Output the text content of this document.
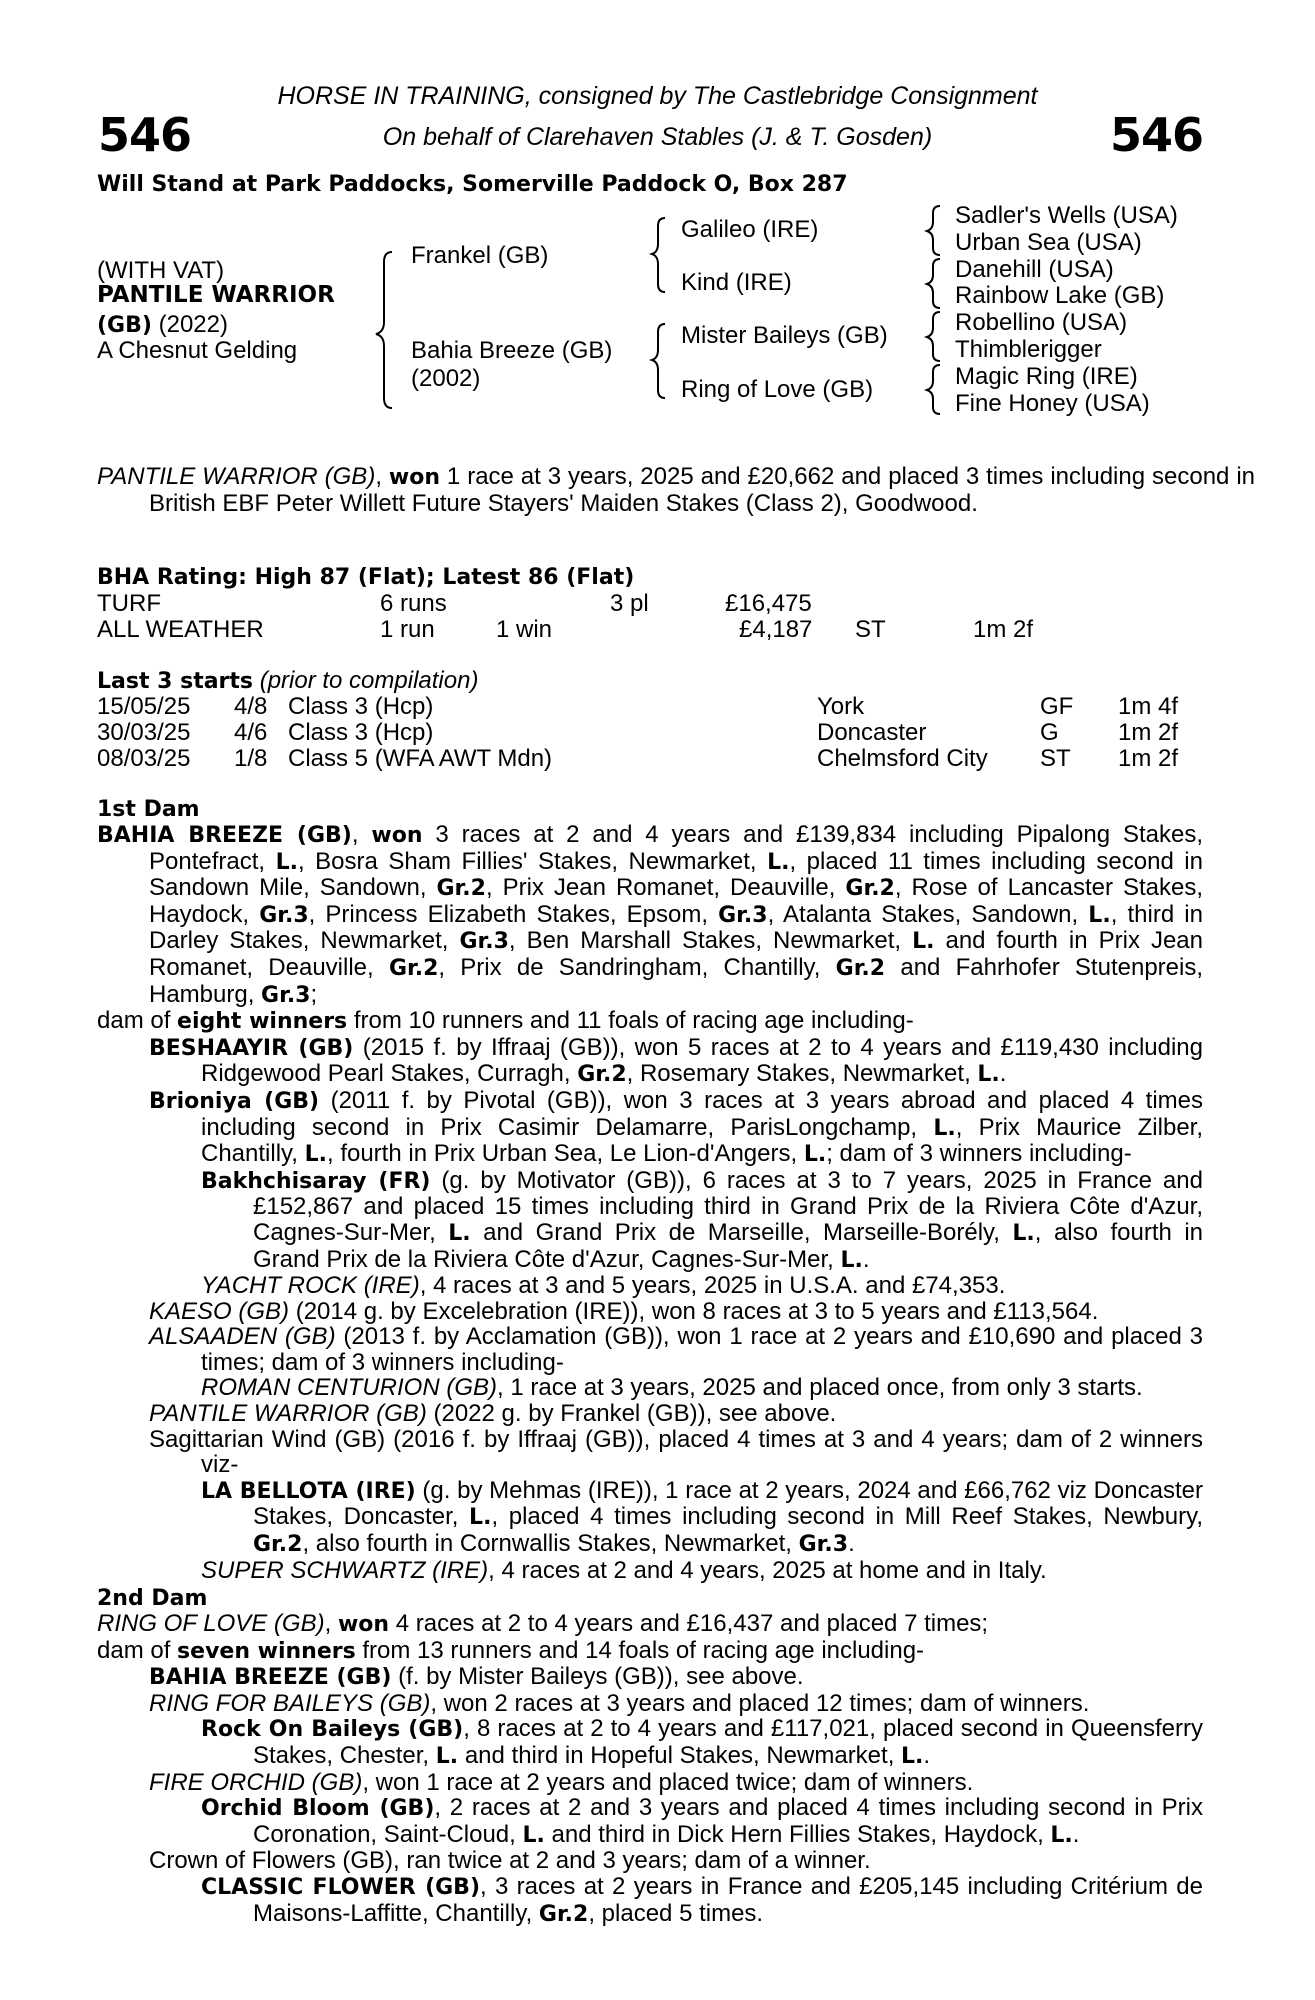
546	546
HORSE IN TRAINING, consigned by The Castlebridge Consignment
On behalf of Clarehaven Stables (J. & T. Gosden)
Will Stand at Park Paddocks, Somerville Paddock O, Box 287
(WITH VAT)
PANTILE WARRIOR
(GB) (2022)
A Chesnut Gelding
Frankel (GB)
Bahia Breeze (GB)
(2002)
Galileo (IRE)
Kind (IRE)
Mister Baileys (GB)
Ring of Love (GB)
Sadler's Wells (USA)
Urban Sea (USA)
Danehill (USA)
Rainbow Lake (GB)
Robellino (USA)
Thimblerigger
Magic Ring (IRE)
Fine Honey (USA)

PANTILE WARRIOR (GB), won 1 race at 3 years, 2025 and £20,662 and placed 3 times including second in British EBF Peter Willett Future Stayers' Maiden Stakes (Class 2), Goodwood.

BHA Rating: High 87 (Flat); Latest 86 (Flat)
TURF	6 runs	3 pl	£16,475
ALL WEATHER	1 run	1 win	£4,187 ST	1m 2f
Last 3 starts (prior to compilation)
15/05/25 4/8 Class 3 (Hcp)	York	GF 1m 4f
30/03/25 4/6 Class 3 (Hcp)	Doncaster	G 1m 2f
08/03/25 1/8 Class 5 (WFA AWT Mdn)	Chelmsford City ST 1m 2f
1st Dam

BAHIA BREEZE (GB), won 3 races at 2 and 4 years and £139,834 including Pipalong Stakes, Pontefract, L., Bosra Sham Fillies' Stakes, Newmarket, L., placed 11 times including second in Sandown Mile, Sandown, Gr.2, Prix Jean Romanet, Deauville, Gr.2, Rose of Lancaster Stakes, Haydock, Gr.3, Princess Elizabeth Stakes, Epsom, Gr.3, Atalanta Stakes, Sandown, L., third in Darley Stakes, Newmarket, Gr.3, Ben Marshall Stakes, Newmarket, L. and fourth in Prix Jean Romanet, Deauville, Gr.2, Prix de Sandringham, Chantilly, Gr.2 and Fahrhofer Stutenpreis, Hamburg, Gr.3;

dam of eight winners from 10 runners and 11 foals of racing age including-

BESHAAYIR (GB) (2015 f. by Iffraaj (GB)), won 5 races at 2 to 4 years and £119,430 including Ridgewood Pearl Stakes, Curragh, Gr.2, Rosemary Stakes, Newmarket, L..

Brioniya (GB) (2011 f. by Pivotal (GB)), won 3 races at 3 years abroad and placed 4 times including second in Prix Casimir Delamarre, ParisLongchamp, L., Prix Maurice Zilber, Chantilly, L., fourth in Prix Urban Sea, Le Lion-d'Angers, L.; dam of 3 winners including-

Bakhchisaray (FR) (g. by Motivator (GB)), 6 races at 3 to 7 years, 2025 in France and £152,867 and placed 15 times including third in Grand Prix de la Riviera Côte d'Azur, Cagnes-Sur-Mer, L. and Grand Prix de Marseille, Marseille-Borély, L., also fourth in Grand Prix de la Riviera Côte d'Azur, Cagnes-Sur-Mer, L..

YACHT ROCK (IRE), 4 races at 3 and 5 years, 2025 in U.S.A. and £74,353.

KAESO (GB) (2014 g. by Excelebration (IRE)), won 8 races at 3 to 5 years and £113,564.

ALSAADEN (GB) (2013 f. by Acclamation (GB)), won 1 race at 2 years and £10,690 and placed 3 times; dam of 3 winners including-

ROMAN CENTURION (GB), 1 race at 3 years, 2025 and placed once, from only 3 starts.

PANTILE WARRIOR (GB) (2022 g. by Frankel (GB)), see above.

Sagittarian Wind (GB) (2016 f. by Iffraaj (GB)), placed 4 times at 3 and 4 years; dam of 2 winners viz-

LA BELLOTA (IRE) (g. by Mehmas (IRE)), 1 race at 2 years, 2024 and £66,762 viz Doncaster Stakes, Doncaster, L., placed 4 times including second in Mill Reef Stakes, Newbury, Gr.2, also fourth in Cornwallis Stakes, Newmarket, Gr.3.

SUPER SCHWARTZ (IRE), 4 races at 2 and 4 years, 2025 at home and in Italy.

2nd Dam

RING OF LOVE (GB), won 4 races at 2 to 4 years and £16,437 and placed 7 times;

dam of seven winners from 13 runners and 14 foals of racing age including-

BAHIA BREEZE (GB) (f. by Mister Baileys (GB)), see above.

RING FOR BAILEYS (GB), won 2 races at 3 years and placed 12 times; dam of winners.

Rock On Baileys (GB), 8 races at 2 to 4 years and £117,021, placed second in Queensferry Stakes, Chester, L. and third in Hopeful Stakes, Newmarket, L..

FIRE ORCHID (GB), won 1 race at 2 years and placed twice; dam of winners.

Orchid Bloom (GB), 2 races at 2 and 3 years and placed 4 times including second in Prix Coronation, Saint-Cloud, L. and third in Dick Hern Fillies Stakes, Haydock, L..

Crown of Flowers (GB), ran twice at 2 and 3 years; dam of a winner.

CLASSIC FLOWER (GB), 3 races at 2 years in France and £205,145 including Critérium de Maisons-Laffitte, Chantilly, Gr.2, placed 5 times.
